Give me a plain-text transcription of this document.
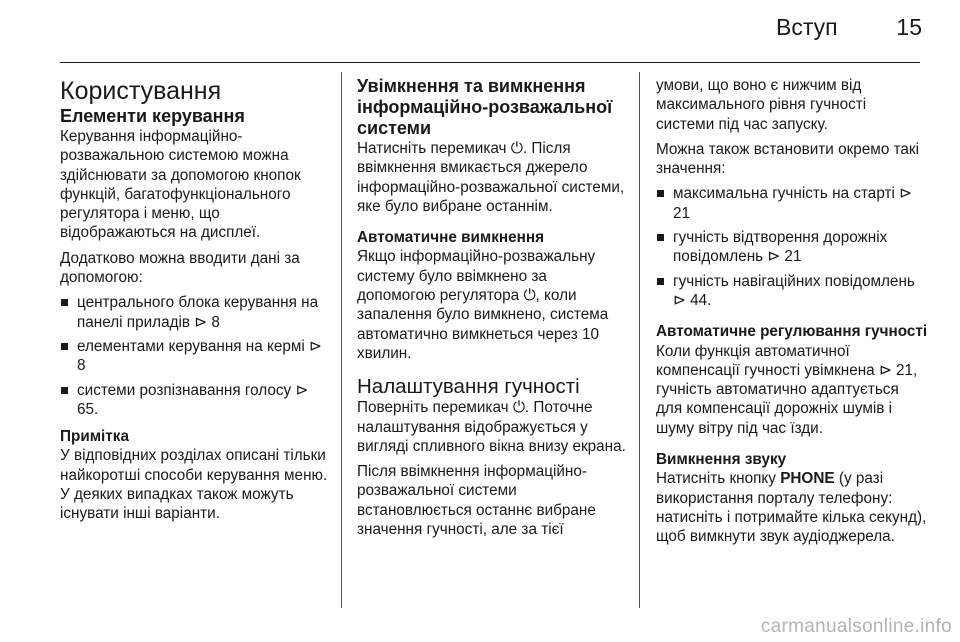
Вступ	15
Користування
Елементи керування

Керування інформаційно-розважальною системою можна здійснювати за допомогою кнопок функцій, багатофункціонального регулятора і меню, що відображаються на дисплеї.

Додатково можна вводити дані за допомогою:

центрального блока керування на панелі приладів ⊳ 8
елементами керування на кермі ⊳ 8
системи розпізнавання голосу ⊳ 65.
Примітка
У відповідних розділах описані тільки найкоротші способи керування меню. У деяких випадках також можуть існувати інші варіанти.
Увімкнення та вимкнення інформаційно-розважальної системи

Натисніть перемикач ⏻. Після ввімкнення вмикається джерело інформаційно-розважальної системи, яке було вибране останнім.

Автоматичне вимкнення

Якщо інформаційно-розважальну систему було ввімкнено за допомогою регулятора ⏻, коли запалення було вимкнено, система автоматично вимкнеться через 10 хвилин.

Налаштування гучності

Поверніть перемикач ⏻. Поточне налаштування відображується у вигляді спливного вікна внизу екрана.

Після ввімкнення інформаційно-розважальної системи встановлюється останнє вибране значення гучності, але за тієї

умови, що воно є нижчим від максимального рівня гучності системи під час запуску.

Можна також встановити окремо такі значення:

максимальна гучність на старті ⊳ 21
гучність відтворення дорожніх повідомлень ⊳ 21
гучність навігаційних повідомлень ⊳ 44.
Автоматичне регулювання гучності

Коли функція автоматичної компенсації гучності увімкнена ⊳ 21, гучність автоматично адаптується для компенсації дорожніх шумів і шуму вітру під час їзди.

Вимкнення звуку

Натисніть кнопку PHONE (у разі використання порталу телефону: натисніть і потримайте кілька секунд), щоб вимкнути звук аудіоджерела.

carmanualsonline.info
